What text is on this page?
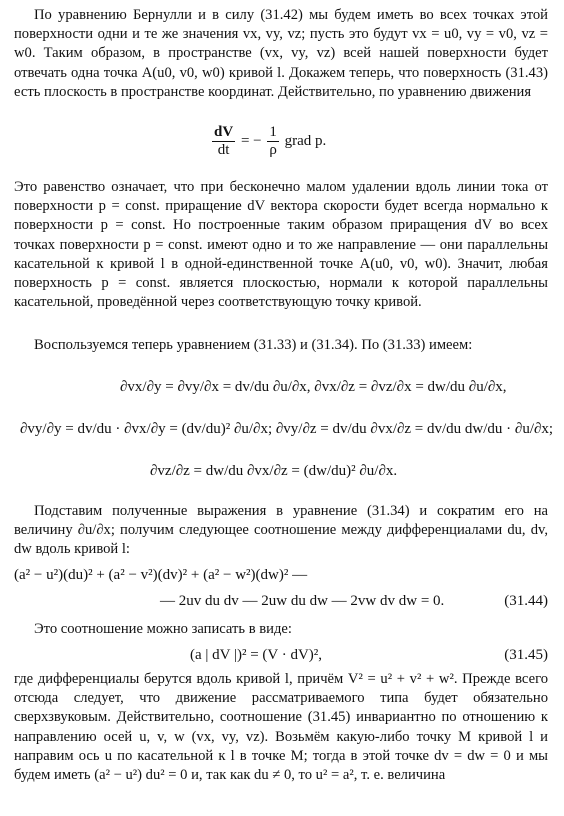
По уравнению Бернулли и в силу (31.42) мы будем иметь во всех точках этой поверхности одни и те же значения vx, vy, vz; пусть это будут vx = u0, vy = v0, vz = w0. Таким образом, в пространстве (vx, vy, vz) всей нашей поверхности будет отвечать одна точка A(u0, v0, w0) кривой l. Докажем теперь, что поверхность (31.43) есть плоскость в пространстве координат. Действительно, по уравнению движения

$\frac{dV}{dt}$ = − $\frac{1}{\rho}$ grad p.

Это равенство означает, что при бесконечно малом удалении вдоль линии тока от поверхности p = const. приращение dV вектора скорости будет всегда нормально к поверхности p = const. Но построенные таким образом приращения dV во всех точках поверхности p = const. имеют одно и то же направление — они параллельны касательной к кривой l в одной-единственной точке A(u0, v0, w0). Значит, любая поверхность p = const. является плоскостью, нормали к которой параллельны касательной, проведённой через соответствующую точку кривой.

Воспользуемся теперь уравнением (31.33) и (31.34). По (31.33) имеем:

∂vx/∂y = ∂vy/∂x = dv/du ∂u/∂x, ∂vx/∂z = ∂vz/∂x = dw/du ∂u/∂x,
∂vy/∂y = dv/du · ∂vx/∂y = (dv/du)² ∂u/∂x; ∂vy/∂z = dv/du ∂vx/∂z = dv/du dw/du · ∂u/∂x;
∂vz/∂z = dw/du ∂vx/∂z = (dw/du)² ∂u/∂x.

Подставим полученные выражения в уравнение (31.34) и сократим его на величину ∂u/∂x; получим следующее соотношение между дифференциалами du, dv, dw вдоль кривой l:

(a² − u²)(du)² + (a² − v²)(dv)² + (a² − w²)(dw)² —
— 2uv du dv — 2uw du dw — 2vw dv dw = 0.	(31.44)

Это соотношение можно записать в виде:

(a | dV |)² = (V · dV)²,	(31.45)

где дифференциалы берутся вдоль кривой l, причём V² = u² + v² + w². Прежде всего отсюда следует, что движение рассматриваемого типа будет обязательно сверхзвуковым. Действительно, соотношение (31.45) инвариантно по отношению к направлению осей u, v, w (vx, vy, vz). Возьмём какую-либо точку M кривой l и направим ось u по касательной к l в точке M; тогда в этой точке dv = dw = 0 и мы будем иметь (a² − u²) du² = 0 и, так как du ≠ 0, то u² = a², т. е. величина
